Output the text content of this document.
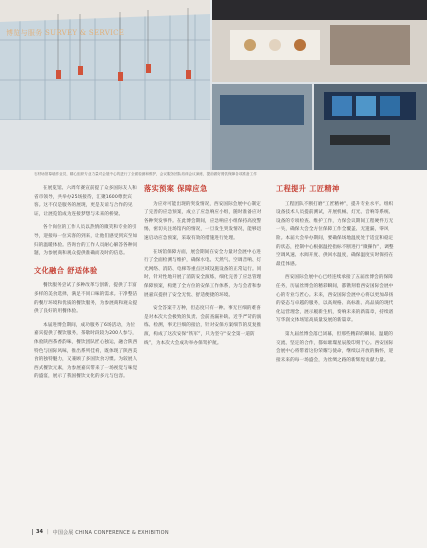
博览与服务 SURVEY & SERVICE
石材场馆幕墙作业员，精心组织专业力量对会展中心的进行了全面检测和维护，会议服务团队培训会议演练，提前做好餐饮保障各项准备工作

在展览馆、六周年赛宣前提了众多国际友人和省市领导，共举办25场接待，汇聚1600尊贵宾客。这不仅是服务的展现，更是友谊与合作的见证，让展览馆成为连接梦想与未来的桥梁。

各个岗位的工作人员以热情的微笑和专业的引导，迎接每一位宾客的到来，让他们感受到宾至如归的温暖体验。咨询台的工作人员耐心解答各种问题，为参展商和观众提供准确而及时的信息。

文化融合 舒适体验

餐饮服务尝试了多种改革与创新，提供了丰富多样的美食选择，满足不同口味的需求。干净整洁的餐厅环境和优质的餐饮服务，为参展商和观众提供了良好的用餐体验。

本届进博会期间，成功服务了6场活动，为位嘉宾提供了餐饮服务，茶歇时段较为200人参与，体验陕西茶香韵味，餐饮团队匠心独运，融合陕西特色与国际风味，推出系列佳肴，既体现了陕西美食的独特魅力，又兼顾了多国饮食习惯。为较展人西式餐饮元素，为参展嘉宾带来了一场视觉与味觉的盛宴，展示了我国餐饮文化的多元与包容。

落实预案 保障应急

为应对可能出现的突发情况，西安国际会展中心制定了完善的应急预案，成立了应急响应小组，随时准备应对各种突发事件。在此博会期间，应急响应小组保持高度警惕，密切关注场馆内的情况，一旦发生突发情况，能够迅速启动应急预案，采取有效的措施进行处理。

在场馆保障方面，展会期间在安全力量对会展中心进行了全面检测与维护，确保水电、天然气、空调音响、灯光网络、消防、电梯等重点区域设施设备的正常运行。同时，针对性地开展了消防安全演练，细化完善了应急管理保障预案，构建了全方位的安保工作体系，为与会者和参展嘉宾提供了安全无忧、舒适便捷的环境。

安全答案千万种，但态度只有一种。事无巨细的难喜是对本次大会极致的负责、会前查漏补缺。近乎严苛的演练、检测，事无巨细的接洽，针对安保方案细节的反复推演，构成了这次安保“铁军”，只为坚守“安全第一道防线”，为本次大会成功举办保驾护航。

工程提升 工匠精神

工程团队不断打磨“工匠精神”，提升专业水平。组织设备技术人员提前测试，开展机械、灯光、音响等系统、设备的专项检查、维护工作，力保会议期间工程硬件万无一失，确保大会全方位保障工作全覆盖、无遗漏，零风险。本届大会举办期间，要确保场地温度处于适宜和稳定的状态，控制中心根据温控指标不断进行“微操作”，调整空调风速、水阀开度、供回水温度，确保温度实时保持在最佳体感。

西安国际会展中心已经连续承接了五届丝博会的保障任务，历届丝博会的精彩瞬间，都镌刻着西安国际会展中心的专业与匠心。未来，西安国际会展中心将以更加昂扬的姿态与卓越的服务，以高规格、高标准、高品质的现代化运营理念，展示履新生机，奏响未来的新篇章，持续谱写华润文体场馆高质量发展的新篇章。

第九届丝博会落已闭幕，但那些精彩的瞬间、温暖的交流、坚定的合作，都如璀璨星辰般印刻于心。西安国际会展中心将带着这份荣耀与使命，继续以开放的胸怀，迎接未来的每一场盛会，为丝绸之路的新辉煌贡献力量。

34 | 中国会展 CHINA CONFERENCE & EXHIBITION
